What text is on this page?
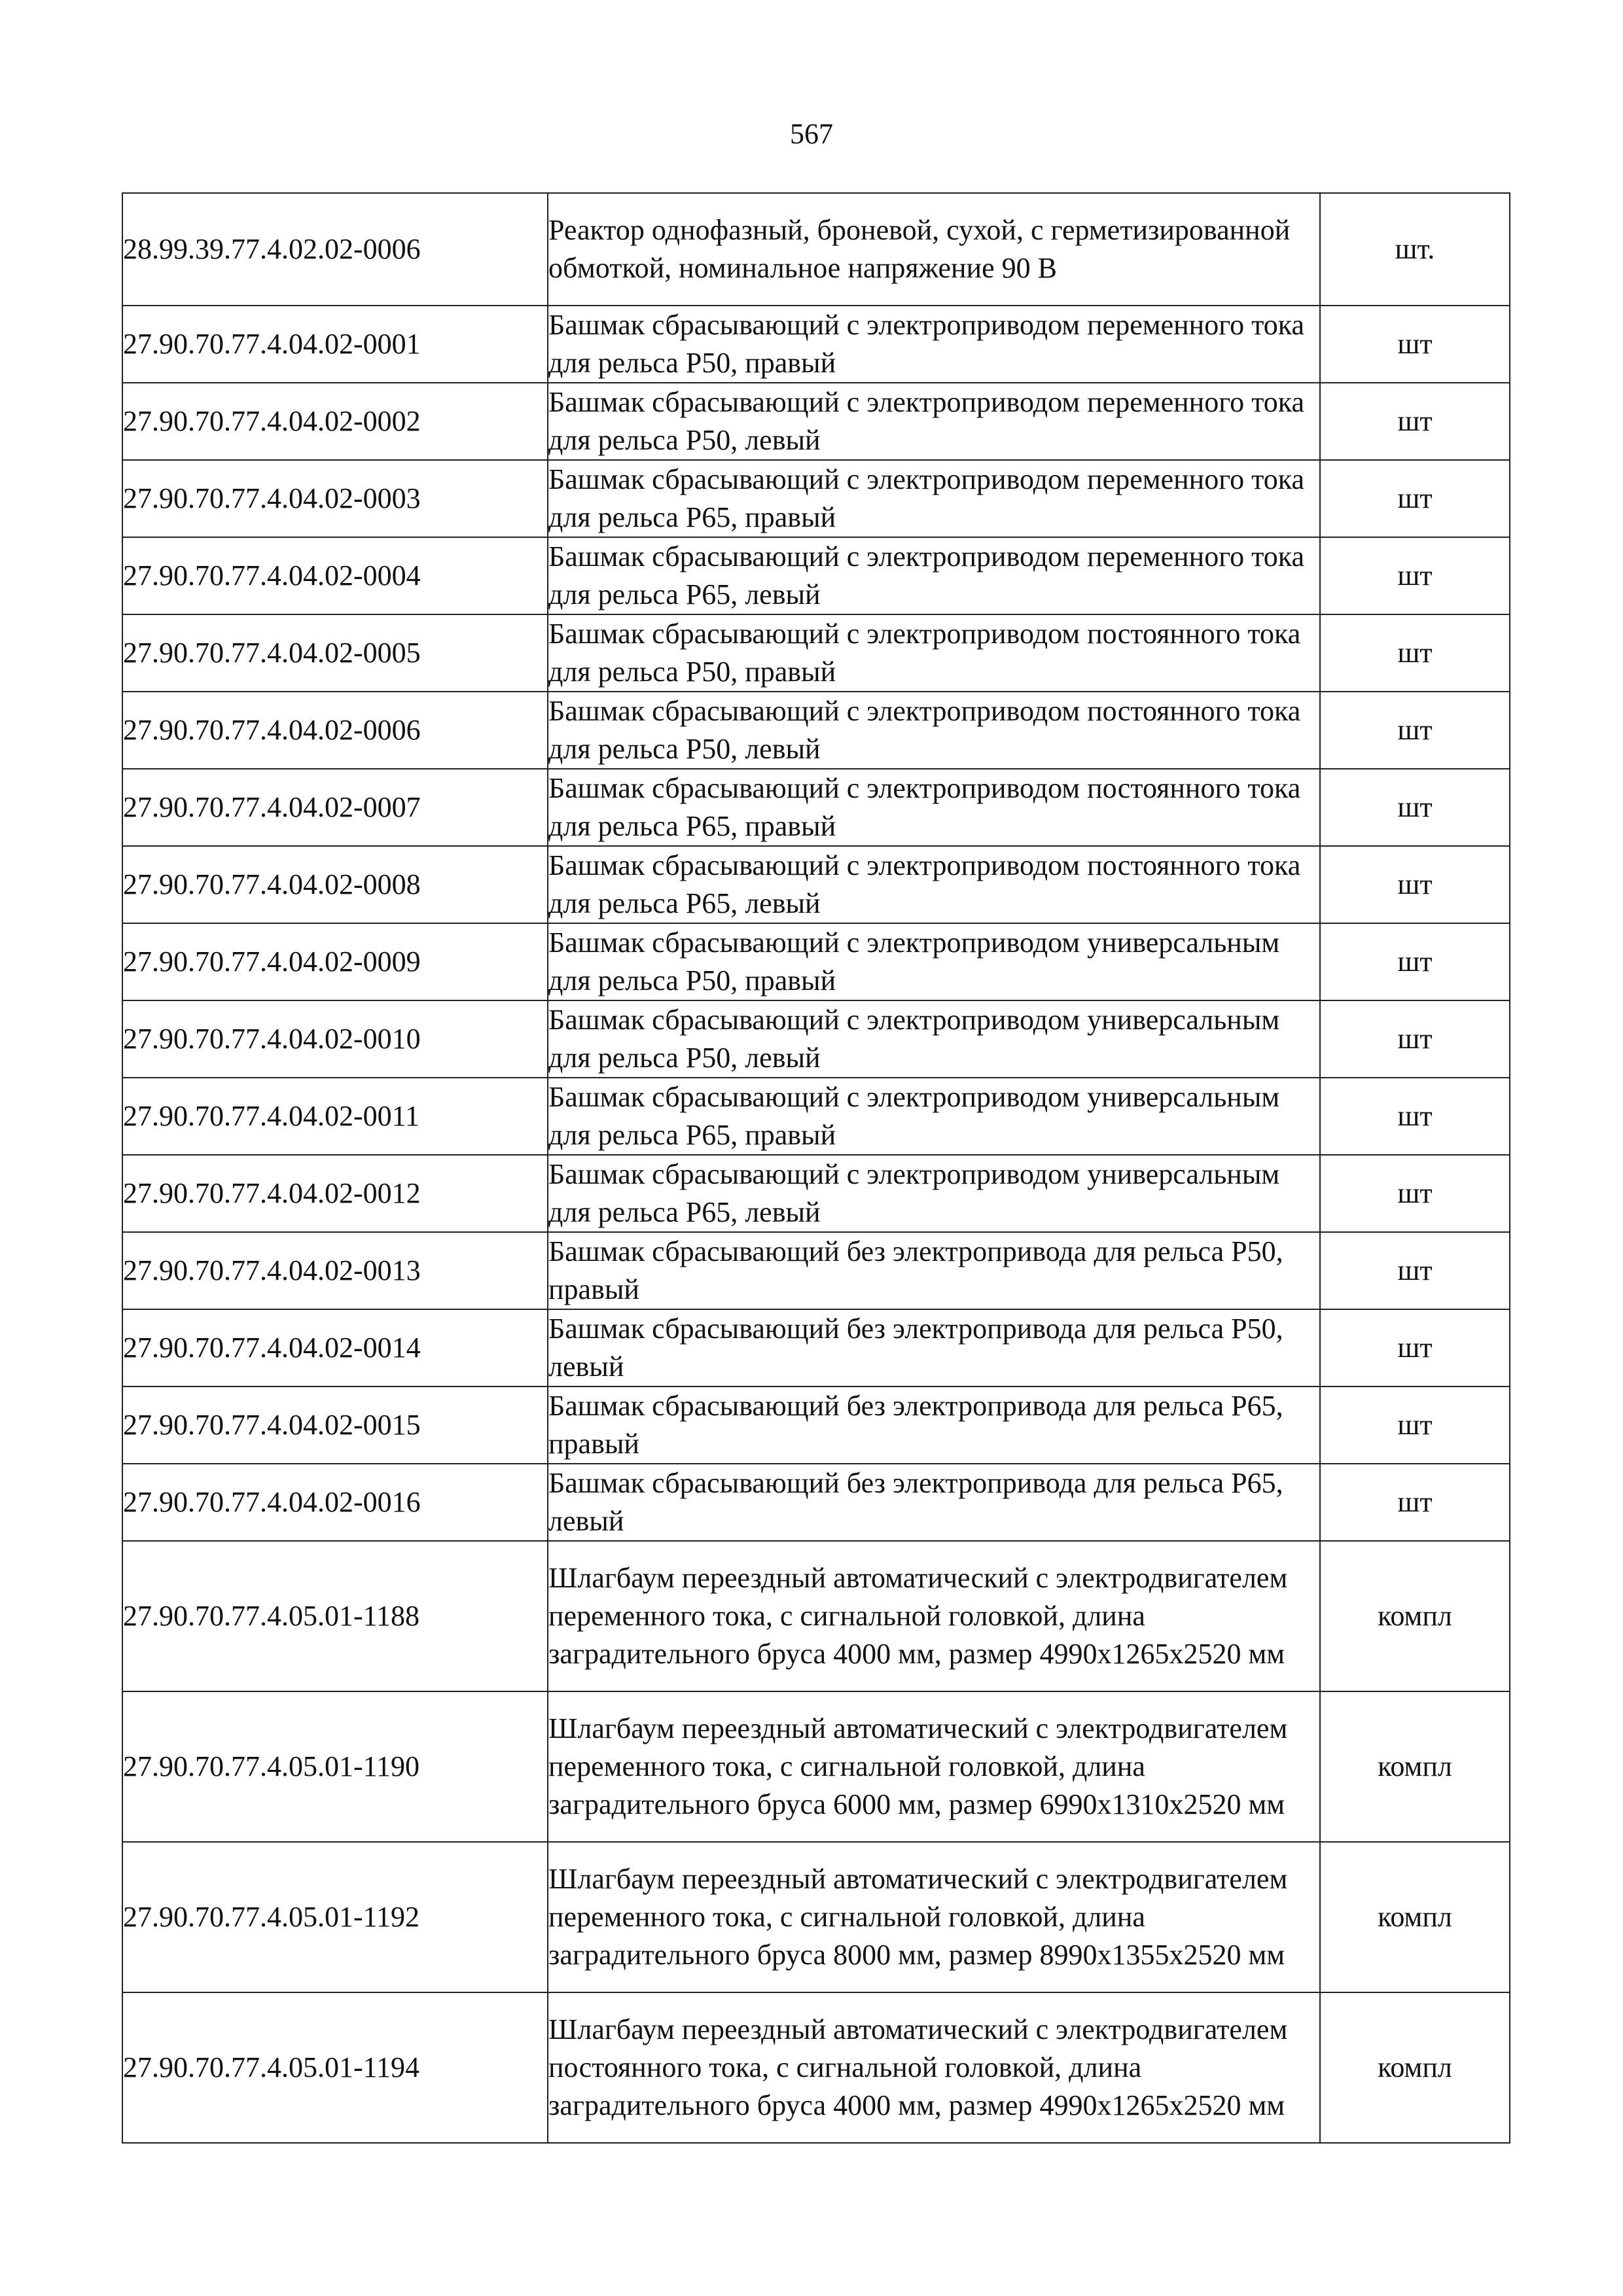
567
28.99.39.77.4.02.02-0006	Реактор однофазный, броневой, сухой, с герметизированной обмоткой, номинальное напряжение 90 В	шт.
27.90.70.77.4.04.02-0001	Башмак сбрасывающий с электроприводом переменного тока для рельса Р50, правый	шт
27.90.70.77.4.04.02-0002	Башмак сбрасывающий с электроприводом переменного тока для рельса Р50, левый	шт
27.90.70.77.4.04.02-0003	Башмак сбрасывающий с электроприводом переменного тока для рельса Р65, правый	шт
27.90.70.77.4.04.02-0004	Башмак сбрасывающий с электроприводом переменного тока для рельса Р65, левый	шт
27.90.70.77.4.04.02-0005	Башмак сбрасывающий с электроприводом постоянного тока для рельса Р50, правый	шт
27.90.70.77.4.04.02-0006	Башмак сбрасывающий с электроприводом постоянного тока для рельса Р50, левый	шт
27.90.70.77.4.04.02-0007	Башмак сбрасывающий с электроприводом постоянного тока для рельса Р65, правый	шт
27.90.70.77.4.04.02-0008	Башмак сбрасывающий с электроприводом постоянного тока для рельса Р65, левый	шт
27.90.70.77.4.04.02-0009	Башмак сбрасывающий с электроприводом универсальным для рельса Р50, правый	шт
27.90.70.77.4.04.02-0010	Башмак сбрасывающий с электроприводом универсальным для рельса Р50, левый	шт
27.90.70.77.4.04.02-0011	Башмак сбрасывающий с электроприводом универсальным для рельса Р65, правый	шт
27.90.70.77.4.04.02-0012	Башмак сбрасывающий с электроприводом универсальным для рельса Р65, левый	шт
27.90.70.77.4.04.02-0013	Башмак сбрасывающий без электропривода для рельса Р50, правый	шт
27.90.70.77.4.04.02-0014	Башмак сбрасывающий без электропривода для рельса Р50, левый	шт
27.90.70.77.4.04.02-0015	Башмак сбрасывающий без электропривода для рельса Р65, правый	шт
27.90.70.77.4.04.02-0016	Башмак сбрасывающий без электропривода для рельса Р65, левый	шт
27.90.70.77.4.05.01-1188	Шлагбаум переездный автоматический с электродвигателем переменного тока, с сигнальной головкой, длина заградительного бруса 4000 мм, размер 4990х1265х2520 мм	компл
27.90.70.77.4.05.01-1190	Шлагбаум переездный автоматический с электродвигателем переменного тока, с сигнальной головкой, длина заградительного бруса 6000 мм, размер 6990х1310х2520 мм	компл
27.90.70.77.4.05.01-1192	Шлагбаум переездный автоматический с электродвигателем переменного тока, с сигнальной головкой, длина заградительного бруса 8000 мм, размер 8990х1355х2520 мм	компл
27.90.70.77.4.05.01-1194	Шлагбаум переездный автоматический с электродвигателем постоянного тока, с сигнальной головкой, длина заградительного бруса 4000 мм, размер 4990х1265х2520 мм	компл
